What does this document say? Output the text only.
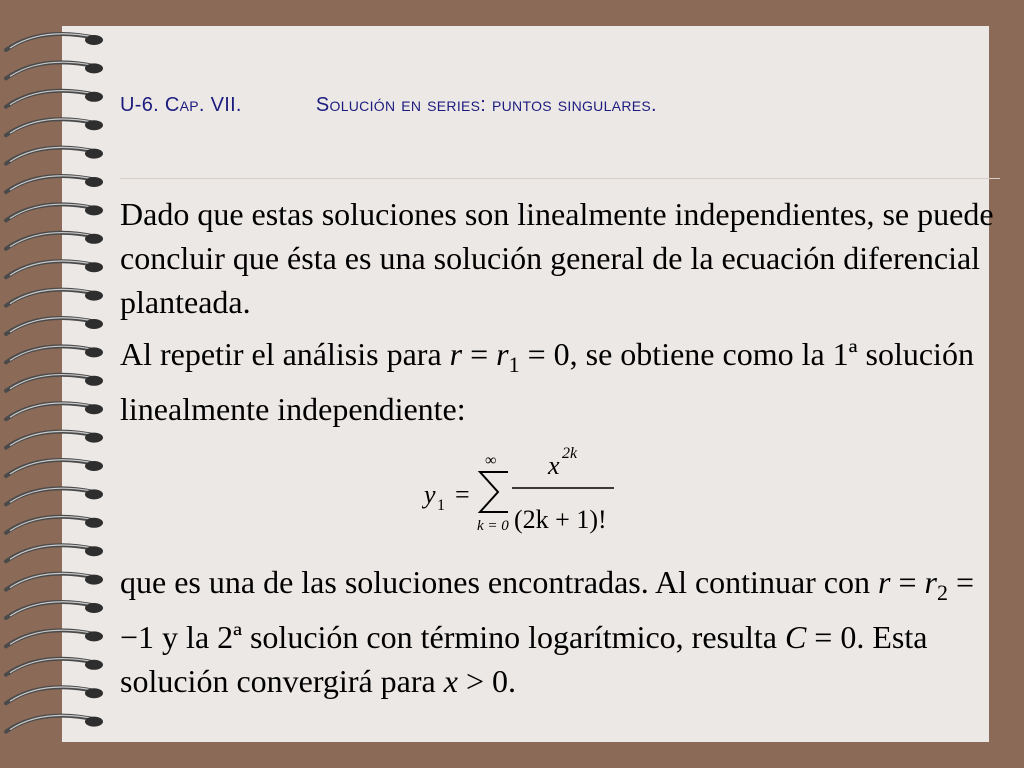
U-6. Cap. VII.	Solución en series: puntos singulares.

Dado que estas soluciones son linealmente independientes, se puede concluir que ésta es una solución general de la ecuación diferencial planteada.

Al repetir el análisis para $r = r_1 = 0$, se obtiene como la 1ª solución linealmente independiente:

y 1 =
∞
k = 0
x 2k
(2k + 1)!

que es una de las soluciones encontradas. Al continuar con $r = r_2 = -1$ y la 2ª solución con término logarítmico, resulta C = 0. Esta solución convergirá para x > 0.
